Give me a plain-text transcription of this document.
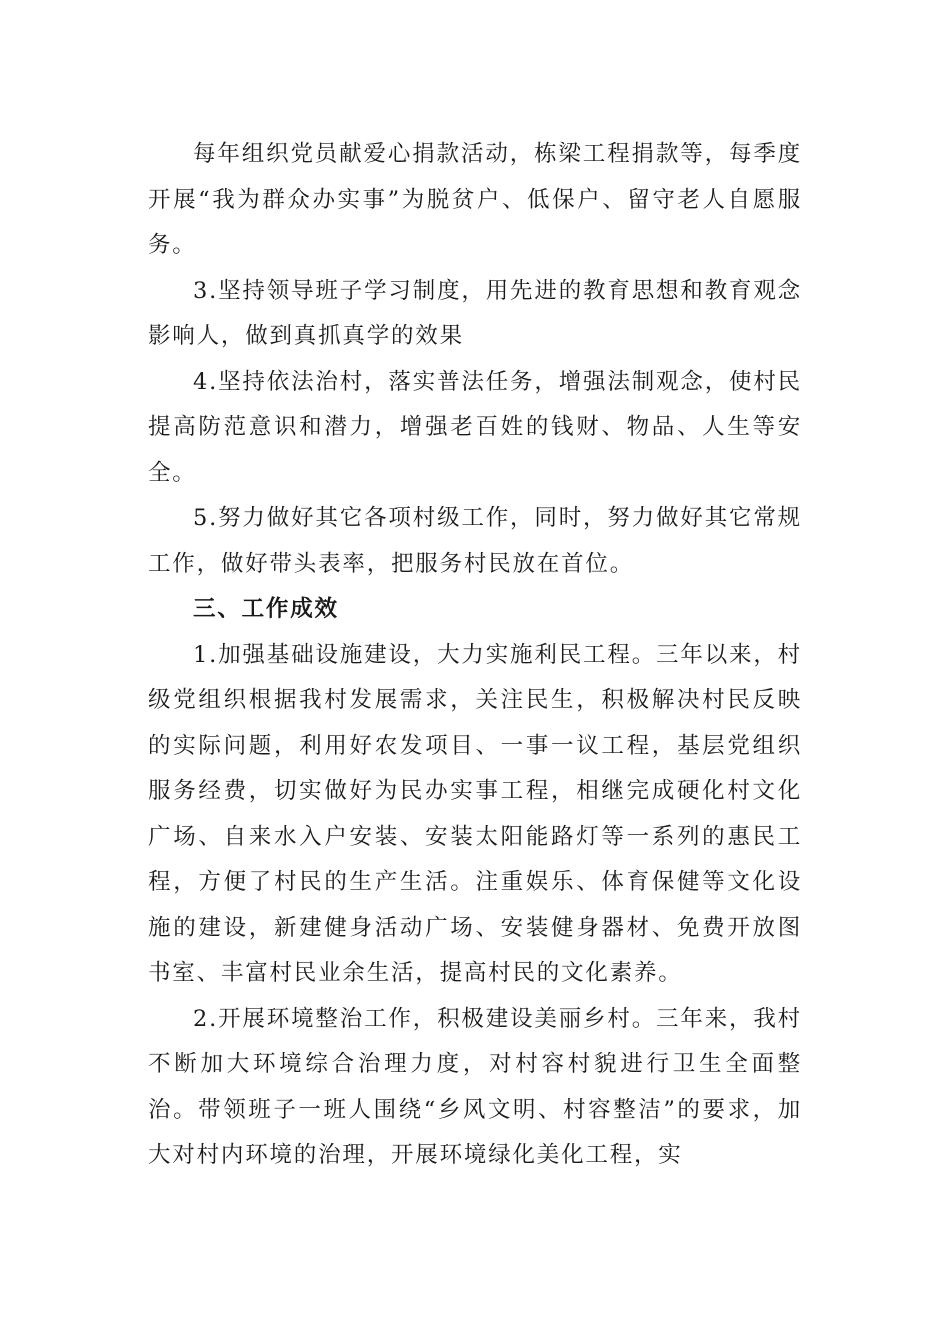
每年组织党员献爱心捐款活动，栋梁工程捐款等，每季度开展“我为群众办实事”为脱贫户、低保户、留守老人自愿服务。

3.坚持领导班子学习制度，用先进的教育思想和教育观念影响人，做到真抓真学的效果

4.坚持依法治村，落实普法任务，增强法制观念，使村民提高防范意识和潜力，增强老百姓的钱财、物品、人生等安全。

5.努力做好其它各项村级工作，同时，努力做好其它常规工作，做好带头表率，把服务村民放在首位。

三、工作成效

1.加强基础设施建设，大力实施利民工程。三年以来，村级党组织根据我村发展需求，关注民生，积极解决村民反映的实际问题，利用好农发项目、一事一议工程，基层党组织服务经费，切实做好为民办实事工程，相继完成硬化村文化广场、自来水入户安装、安装太阳能路灯等一系列的惠民工程，方便了村民的生产生活。注重娱乐、体育保健等文化设施的建设，新建健身活动广场、安装健身器材、免费开放图书室、丰富村民业余生活，提高村民的文化素养。

2.开展环境整治工作，积极建设美丽乡村。三年来，我村不断加大环境综合治理力度，对村容村貌进行卫生全面整治。带领班子一班人围绕“乡风文明、村容整洁”的要求，加大对村内环境的治理，开展环境绿化美化工程，实
